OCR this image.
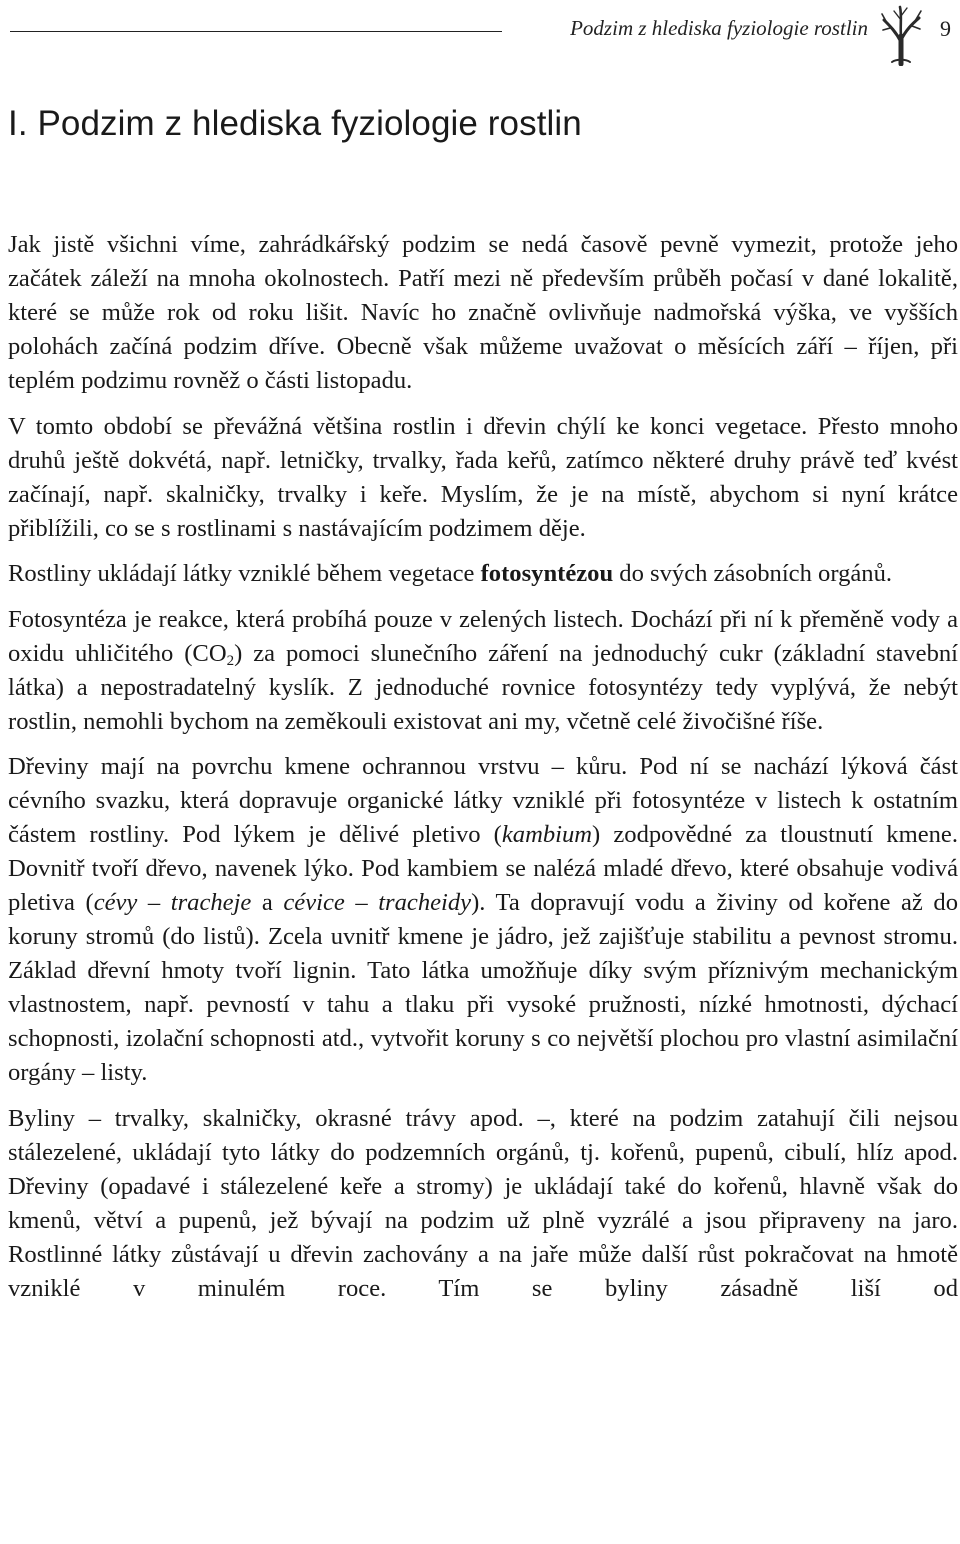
Podzim z hlediska fyziologie rostlin	9
I. Podzim z hlediska fyziologie rostlin

Jak jistě všichni víme, zahrádkářský podzim se nedá časově pevně vymezit, protože jeho začátek záleží na mnoha okolnostech. Patří mezi ně především průběh počasí v dané lokalitě, které se může rok od roku lišit. Navíc ho značně ovlivňuje nadmořská výška, ve vyšších polohách začíná podzim dříve. Obecně však můžeme uvažovat o měsících září – říjen, při teplém podzimu rovněž o části listopadu.

V tomto období se převážná většina rostlin i dřevin chýlí ke konci vegetace. Přesto mnoho druhů ještě dokvétá, např. letničky, trvalky, řada keřů, zatímco některé druhy právě teď kvést začínají, např. skalničky, trvalky i keře. Myslím, že je na místě, abychom si nyní krátce přiblížili, co se s rostlinami s nastávajícím podzimem děje.

Rostliny ukládají látky vzniklé během vegetace fotosyntézou do svých zásobních orgánů.

Fotosyntéza je reakce, která probíhá pouze v zelených listech. Dochází při ní k přeměně vody a oxidu uhličitého $(CO_2)$ za pomoci slunečního záření na jednoduchý cukr (základní stavební látka) a nepostradatelný kyslík. Z jednoduché rovnice fotosyntézy tedy vyplývá, že nebýt rostlin, nemohli bychom na zeměkouli existovat ani my, včetně celé živočišné říše.

Dřeviny mají na povrchu kmene ochrannou vrstvu – kůru. Pod ní se nachází lýková část cévního svazku, která dopravuje organické látky vzniklé při fotosyntéze v listech k ostatním částem rostliny. Pod lýkem je dělivé pletivo (kambium) zodpovědné za tloustnutí kmene. Dovnitř tvoří dřevo, navenek lýko. Pod kambiem se nalézá mladé dřevo, které obsahuje vodivá pletiva (cévy – tracheje a cévice – tracheidy). Ta dopravují vodu a živiny od kořene až do koruny stromů (do listů). Zcela uvnitř kmene je jádro, jež zajišťuje stabilitu a pevnost stromu. Základ dřevní hmoty tvoří lignin. Tato látka umožňuje díky svým příznivým mechanickým vlastnostem, např. pevností v tahu a tlaku při vysoké pružnosti, nízké hmotnosti, dýchací schopnosti, izolační schopnosti atd., vytvořit koruny s co největší plochou pro vlastní asimilační orgány – listy.

Byliny – trvalky, skalničky, okrasné trávy apod. –, které na podzim zatahují čili nejsou stálezelené, ukládají tyto látky do podzemních orgánů, tj. kořenů, pupenů, cibulí, hlíz apod. Dřeviny (opadavé i stálezelené keře a stromy) je ukládají také do kořenů, hlavně však do kmenů, větví a pupenů, jež bývají na podzim už plně vyzrálé a jsou připraveny na jaro. Rostlinné látky zůstávají u dřevin zachovány a na jaře může další růst pokračovat na hmotě vzniklé v minulém roce. Tím se byliny zásadně liší od
